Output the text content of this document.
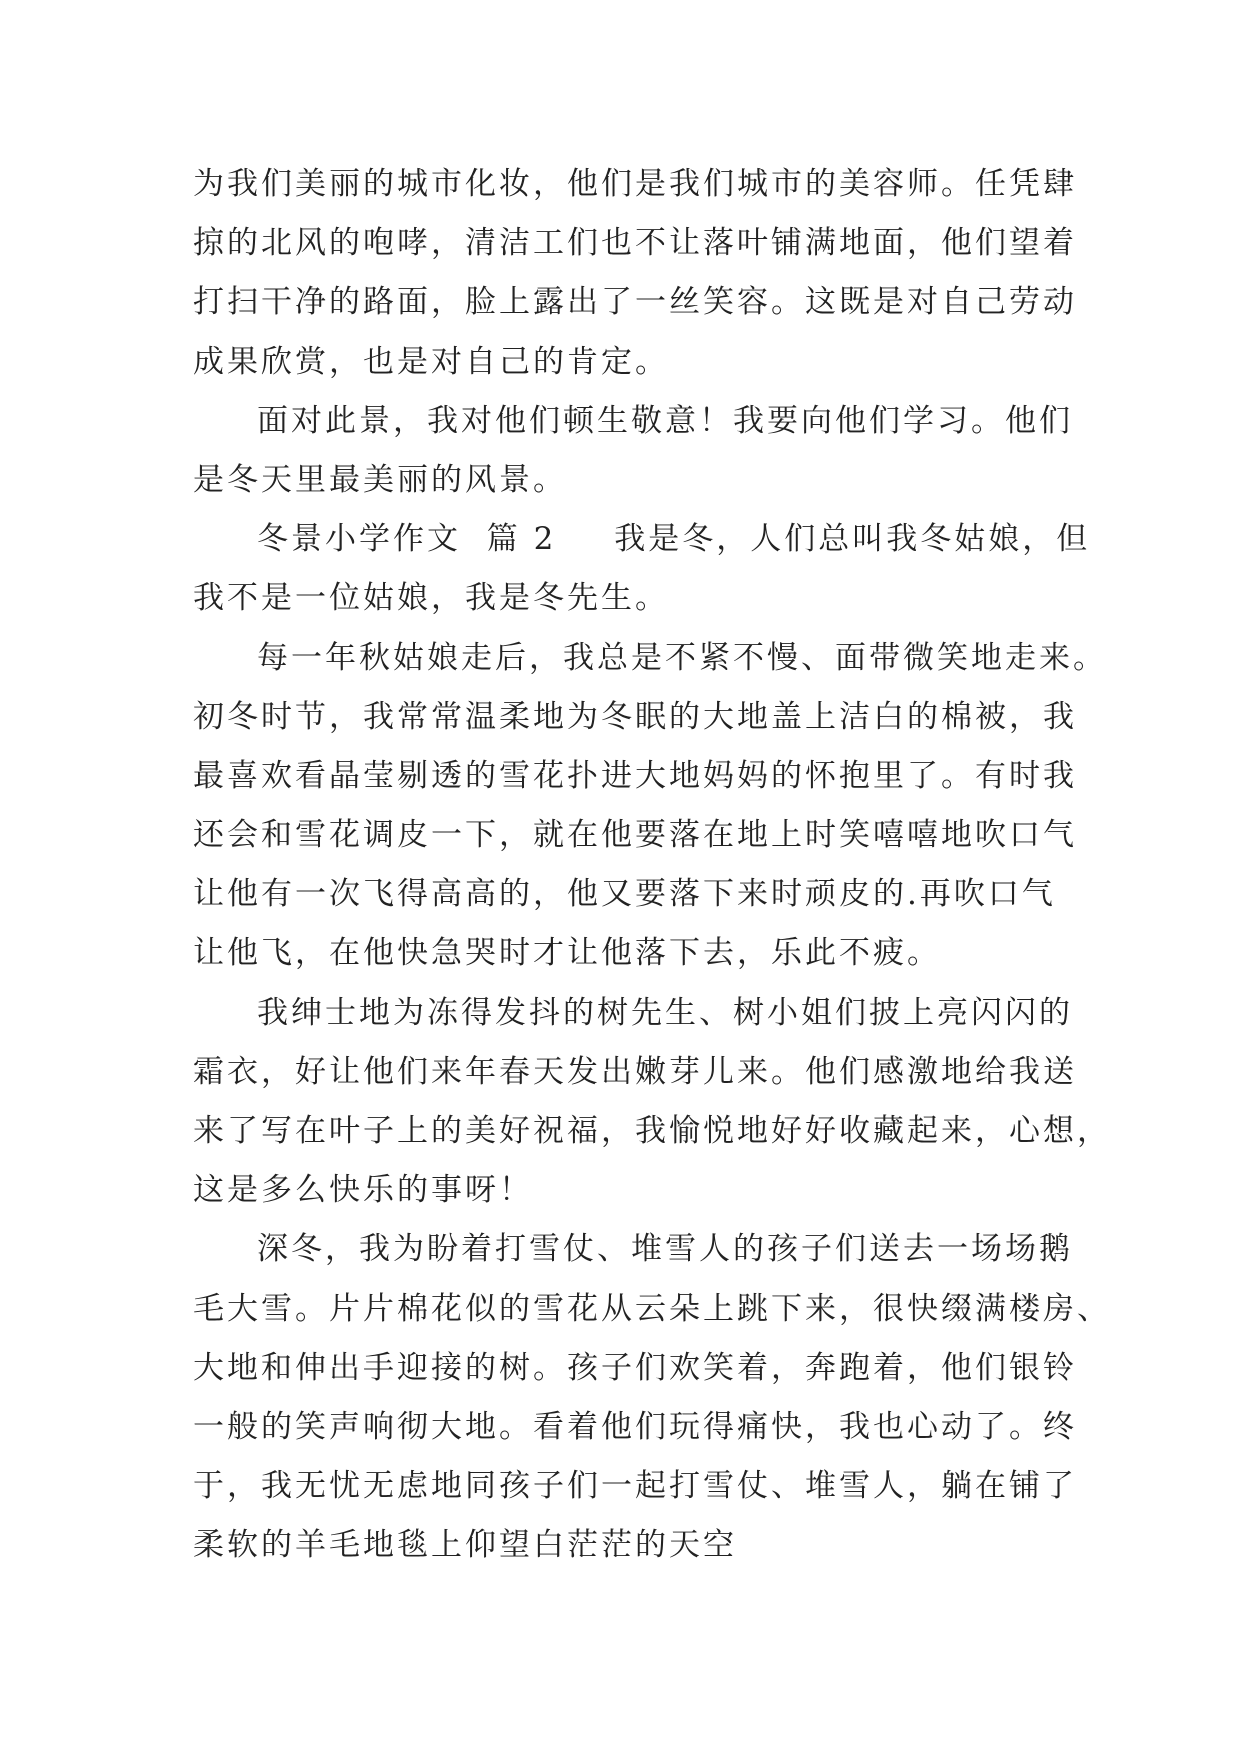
为我们美丽的城市化妆，他们是我们城市的美容师。任凭肆
掠的北风的咆哮，清洁工们也不让落叶铺满地面，他们望着
打扫干净的路面，脸上露出了一丝笑容。这既是对自己劳动
成果欣赏，也是对自己的肯定。
面对此景，我对他们顿生敬意！我要向他们学习。他们
是冬天里最美丽的风景。
冬景小学作文 篇 2 我是冬，人们总叫我冬姑娘，但
我不是一位姑娘，我是冬先生。
每一年秋姑娘走后，我总是不紧不慢、面带微笑地走来。
初冬时节，我常常温柔地为冬眠的大地盖上洁白的棉被，我
最喜欢看晶莹剔透的雪花扑进大地妈妈的怀抱里了。有时我
还会和雪花调皮一下，就在他要落在地上时笑嘻嘻地吹口气
让他有一次飞得高高的，他又要落下来时顽皮的.再吹口气
让他飞，在他快急哭时才让他落下去，乐此不疲。
我绅士地为冻得发抖的树先生、树小姐们披上亮闪闪的
霜衣，好让他们来年春天发出嫩芽儿来。他们感激地给我送
来了写在叶子上的美好祝福，我愉悦地好好收藏起来，心想，
这是多么快乐的事呀！
深冬，我为盼着打雪仗、堆雪人的孩子们送去一场场鹅
毛大雪。片片棉花似的雪花从云朵上跳下来，很快缀满楼房、
大地和伸出手迎接的树。孩子们欢笑着，奔跑着，他们银铃
一般的笑声响彻大地。看着他们玩得痛快，我也心动了。终
于，我无忧无虑地同孩子们一起打雪仗、堆雪人，躺在铺了
柔软的羊毛地毯上仰望白茫茫的天空
